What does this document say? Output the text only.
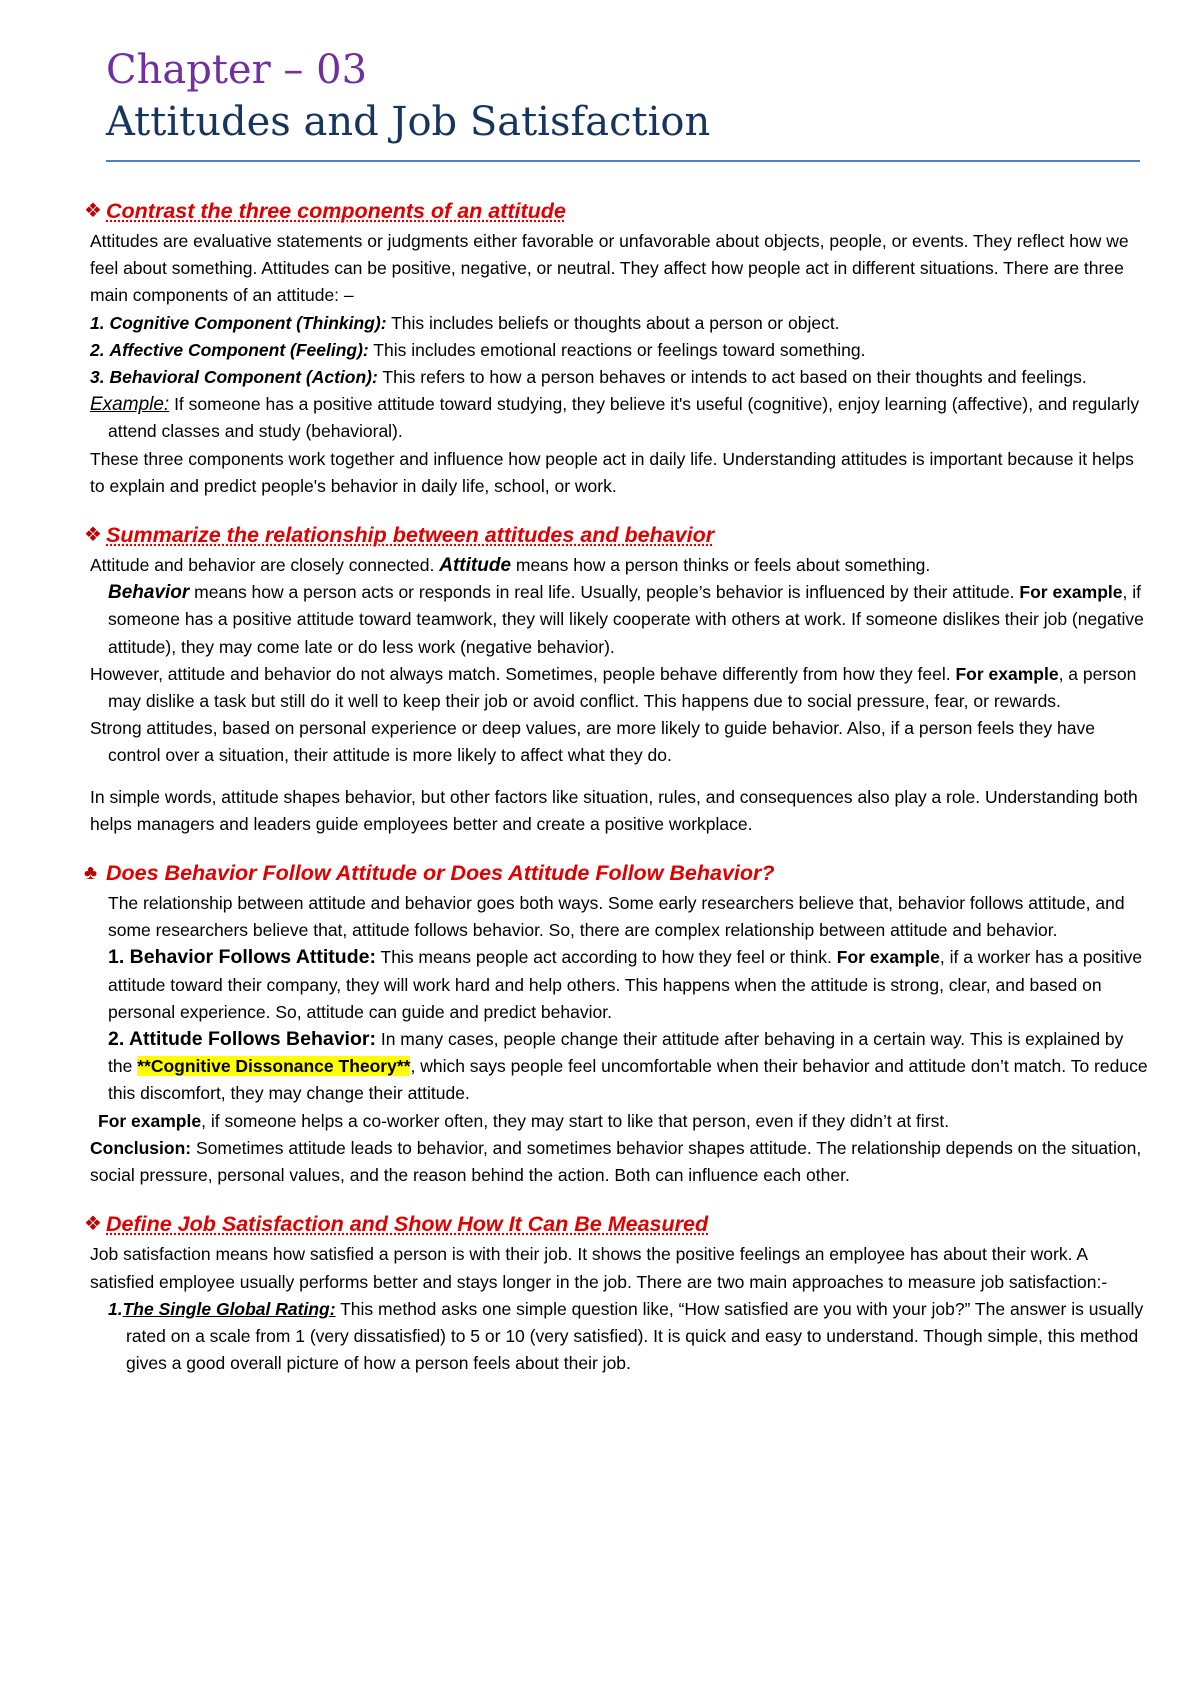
Chapter – 03
Attitudes and Job Satisfaction
❖ Contrast the three components of an attitude

Attitudes are evaluative statements or judgments either favorable or unfavorable about objects, people, or events. They reflect how we feel about something. Attitudes can be positive, negative, or neutral. They affect how people act in different situations. There are three main components of an attitude: –

1. Cognitive Component (Thinking): This includes beliefs or thoughts about a person or object.

2. Affective Component (Feeling): This includes emotional reactions or feelings toward something.

3. Behavioral Component (Action): This refers to how a person behaves or intends to act based on their thoughts and feelings.

Example: If someone has a positive attitude toward studying, they believe it's useful (cognitive), enjoy learning (affective), and regularly attend classes and study (behavioral).

These three components work together and influence how people act in daily life. Understanding attitudes is important because it helps to explain and predict people's behavior in daily life, school, or work.

❖ Summarize the relationship between attitudes and behavior

Attitude and behavior are closely connected. Attitude means how a person thinks or feels about something.

Behavior means how a person acts or responds in real life. Usually, people’s behavior is influenced by their attitude. For example, if someone has a positive attitude toward teamwork, they will likely cooperate with others at work. If someone dislikes their job (negative attitude), they may come late or do less work (negative behavior).

However, attitude and behavior do not always match. Sometimes, people behave differently from how they feel. For example, a person may dislike a task but still do it well to keep their job or avoid conflict. This happens due to social pressure, fear, or rewards.

Strong attitudes, based on personal experience or deep values, are more likely to guide behavior. Also, if a person feels they have control over a situation, their attitude is more likely to affect what they do.

In simple words, attitude shapes behavior, but other factors like situation, rules, and consequences also play a role. Understanding both helps managers and leaders guide employees better and create a positive workplace.

♣ Does Behavior Follow Attitude or Does Attitude Follow Behavior?

The relationship between attitude and behavior goes both ways. Some early researchers believe that, behavior follows attitude, and some researchers believe that, attitude follows behavior. So, there are complex relationship between attitude and behavior.

1. Behavior Follows Attitude: This means people act according to how they feel or think. For example, if a worker has a positive attitude toward their company, they will work hard and help others. This happens when the attitude is strong, clear, and based on personal experience. So, attitude can guide and predict behavior.

2. Attitude Follows Behavior: In many cases, people change their attitude after behaving in a certain way. This is explained by the **Cognitive Dissonance Theory**, which says people feel uncomfortable when their behavior and attitude don’t match. To reduce this discomfort, they may change their attitude.

For example, if someone helps a co-worker often, they may start to like that person, even if they didn’t at first.

Conclusion: Sometimes attitude leads to behavior, and sometimes behavior shapes attitude. The relationship depends on the situation, social pressure, personal values, and the reason behind the action. Both can influence each other.

❖ Define Job Satisfaction and Show How It Can Be Measured

Job satisfaction means how satisfied a person is with their job. It shows the positive feelings an employee has about their work. A satisfied employee usually performs better and stays longer in the job. There are two main approaches to measure job satisfaction:-

1.The Single Global Rating: This method asks one simple question like, “How satisfied are you with your job?” The answer is usually rated on a scale from 1 (very dissatisfied) to 5 or 10 (very satisfied). It is quick and easy to understand. Though simple, this method gives a good overall picture of how a person feels about their job.
